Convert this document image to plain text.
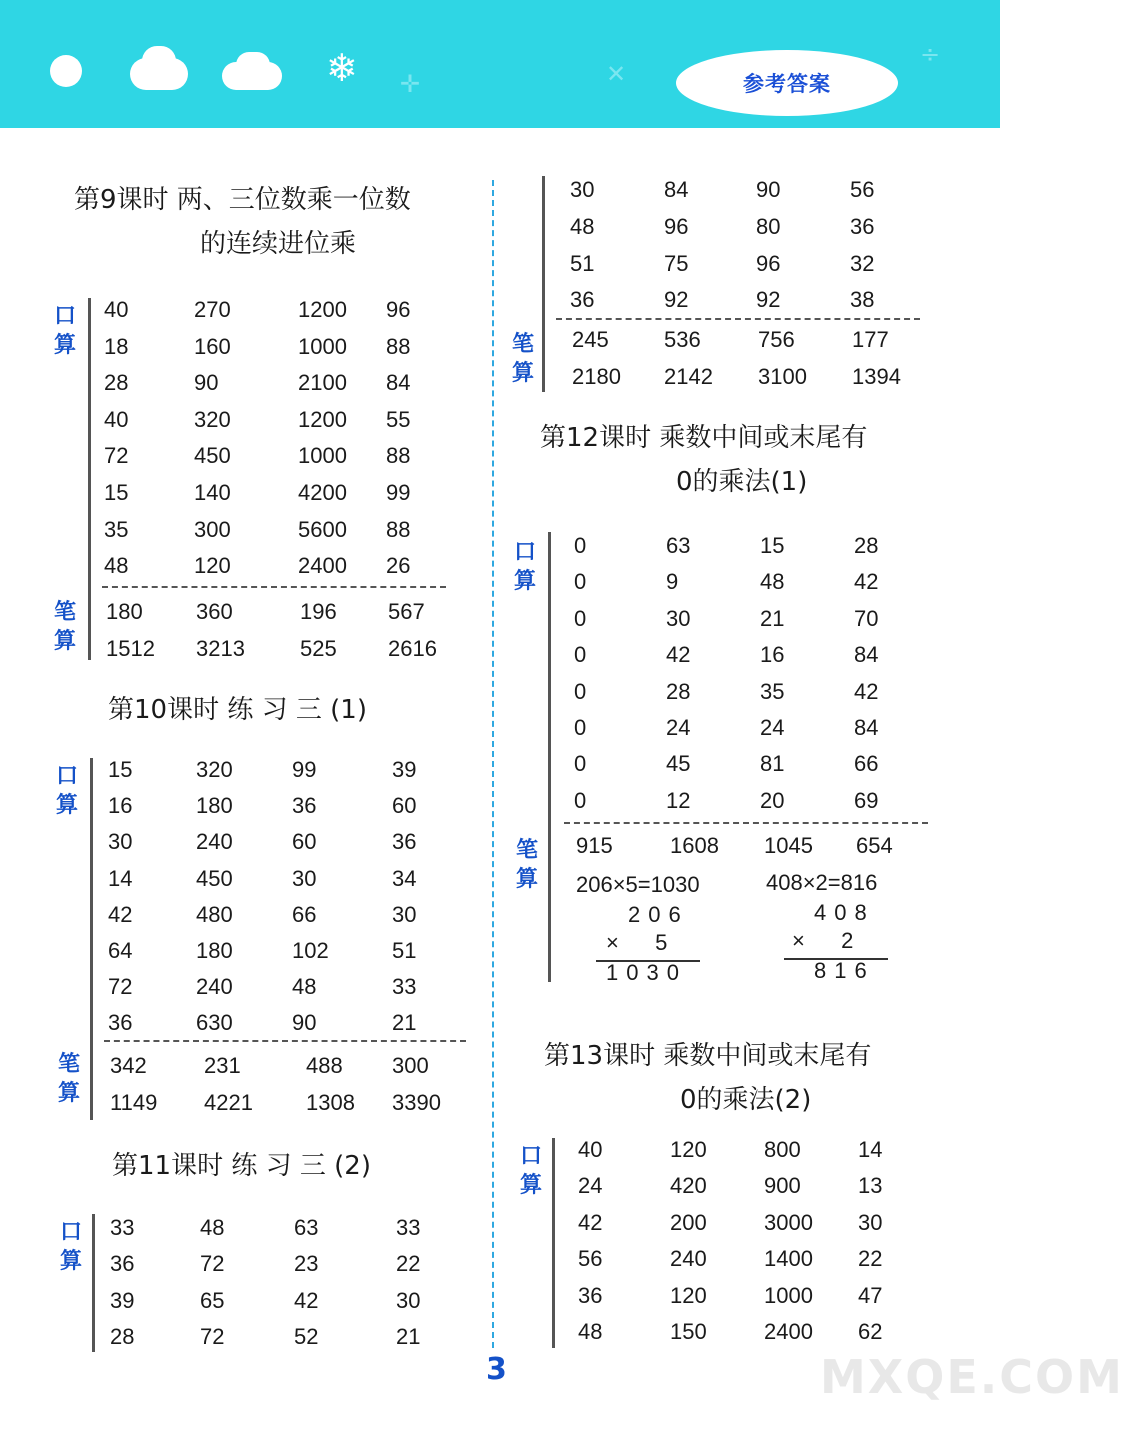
❄ ✛	✕
÷
参考答案
第9课时 两、三位数乘一位数
的连续进位乘
口
算
40	270	1200 96
18	160	1000 88
28	90	2100 84
40	320	1200 55
72	450	1000 88
15	140	4200 99
35	300	5600 88
48	120	2400 26
笔
算
180 360	196 567
1512 3213	525 2616
第10课时 练 习 三 (1)
口
算
15	320	99	39
16	180	36	60
30	240	60	36
14	450	30	34
42	480	66	30
64	180	102	51
72	240	48	33
36	630	90	21
笔
算
342	231	488 300
1149 4221 1308 3390
第11课时 练 习 三 (2)
口
算
33	48	63	33
36	72	23	22
39	65	42	30
28	72	52	21
30	84	90	56
48	96	80	36
51	75	96	32
36	92	92	38
笔
算
245	536	756	177
2180 2142 3100 1394
第12课时 乘数中间或末尾有
0的乘法(1)
口
算
0	63	15	28
0	9	48	42
0	30	21	70
0	42	16	84
0	28	35	42
0	24	24	84
0	45	81	66
0	12	20	69
笔
算
915	1608 1045 654
206×5=1030	408×2=816
206
×  5
1030
408
×  2
816
第13课时 乘数中间或末尾有
0的乘法(2)
口
算
40	120	800	14
24	420	900	13
42	200	3000 30
56	240	1400 22
36	120	1000 47
48	150	2400 62
3	MXQE.COM
